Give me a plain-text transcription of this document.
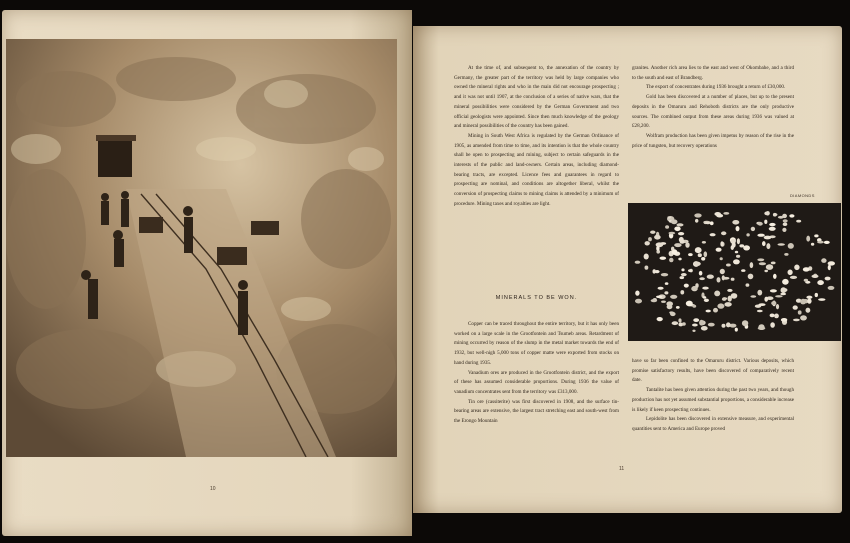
10

At the time of, and subsequent to, the annexation of the country by Germany, the greater part of the territory was held by large companies who owned the mineral rights and who in the main did not encourage prospecting ; and it was not until 1907, at the conclusion of a series of native wars, that the mineral possibilities were considered by the German Government and two official geologists were appointed. Since then much knowledge of the geology and mineral possibilities of the country has been gained.

Mining in South West Africa is regulated by the German Ordinance of 1905, as amended from time to time, and its intention is that the whole country shall be open to prospecting and mining, subject to certain safeguards in the interests of the public and land-owners. Certain areas, including diamond-bearing tracts, are excepted. Licence fees and guarantees in regard to prospecting are nominal, and conditions are altogether liberal, whilst the conversion of prospecting claims to mining claims is attended by a minimum of procedure. Mining taxes and royalties are light.

granites. Another rich area lies to the east and west of Okombahe, and a third to the south and east of Brandberg.

The export of concentrates during 1936 brought a return of £30,000.

Gold has been discovered at a number of places, but up to the present deposits in the Omaruru and Rehoboth districts are the only productive sources. The combined output from these areas during 1936 was valued at £28,200.

Wolfram production has been given impetus by reason of the rise in the price of tungsten, but recovery operations

DIAMONDS
MINERALS TO BE WON.

Copper can be traced throughout the entire territory, but it has only been worked on a large scale in the Grootfontein and Tsumeb areas. Retardment of mining occurred by reason of the slump in the metal market towards the end of 1932, but well-nigh 5,000 tons of copper matte were exported from stocks on hand during 1935.

Vanadium ores are produced in the Grootfontein district, and the export of these has assumed considerable proportions. During 1936 the value of vanadium concentrates sent from the territory was £313,000.

Tin ore (cassiterite) was first discovered in 1908, and the surface tin-bearing areas are extensive, the largest tract stretching east and south-west from the Erongo Mountain

have so far been confined to the Omaruru district. Various deposits, which promise satisfactory results, have been discovered of comparatively recent date.

Tantalite has been given attention during the past two years, and though production has not yet assumed substantial proportions, a considerable increase is likely if keen prospecting continues.

Lepidolite has been discovered in extensive measure, and experimental quantities sent to America and Europe proved

11
